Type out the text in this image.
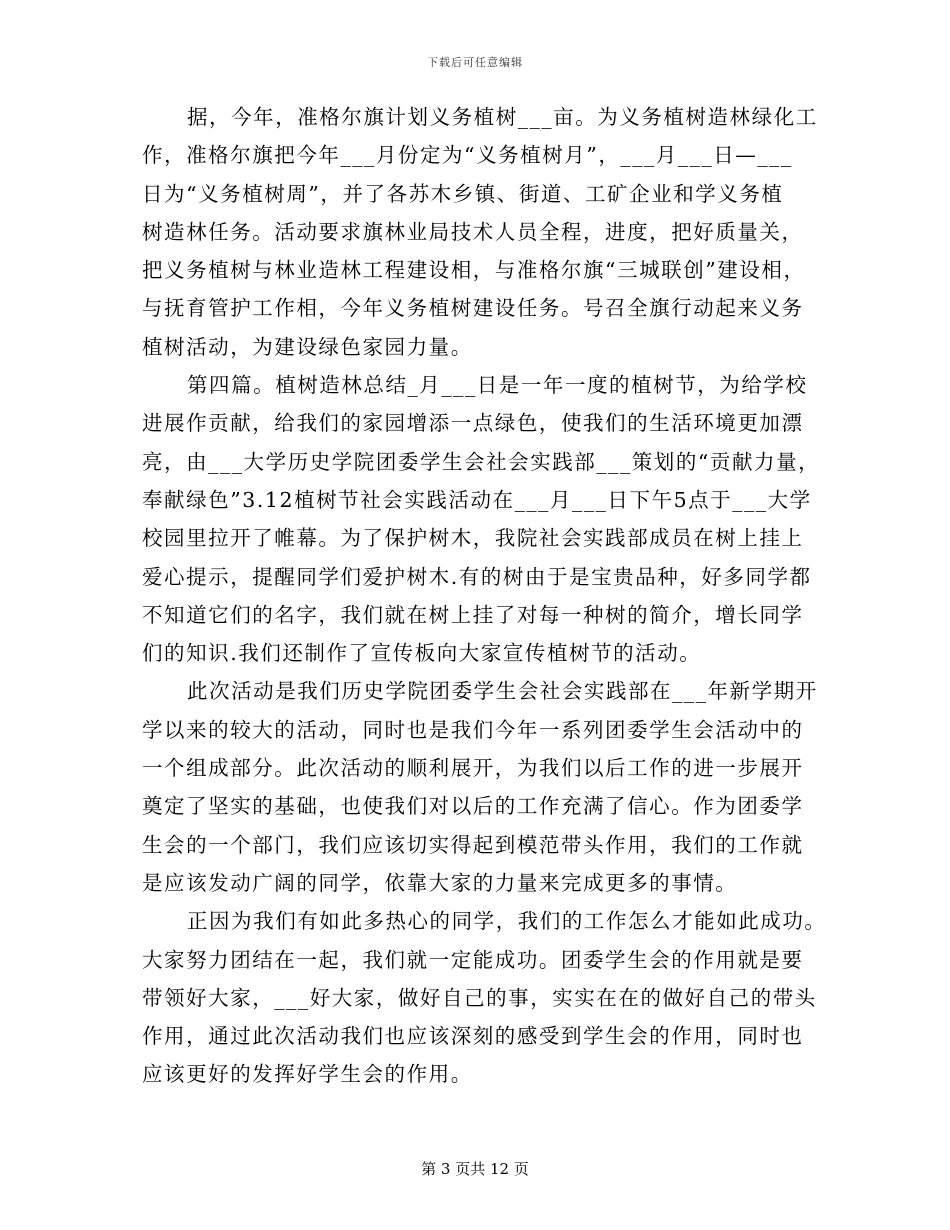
下载后可任意编辑
据，今年，准格尔旗计划义务植树___亩。为义务植树造林绿化工
作，准格尔旗把今年___月份定为“义务植树月”，___月___日—___
日为“义务植树周”，并了各苏木乡镇、街道、工矿企业和学义务植
树造林任务。活动要求旗林业局技术人员全程，进度，把好质量关，
把义务植树与林业造林工程建设相，与准格尔旗“三城联创”建设相，
与抚育管护工作相，今年义务植树建设任务。号召全旗行动起来义务
植树活动，为建设绿色家园力量。
第四篇。植树造林总结_月___日是一年一度的植树节，为给学校
进展作贡献，给我们的家园增添一点绿色，使我们的生活环境更加漂
亮，由___大学历史学院团委学生会社会实践部___策划的“贡献力量，
奉献绿色”3.12植树节社会实践活动在___月___日下午5点于___大学
校园里拉开了帷幕。为了保护树木，我院社会实践部成员在树上挂上
爱心提示，提醒同学们爱护树木.有的树由于是宝贵品种，好多同学都
不知道它们的名字，我们就在树上挂了对每一种树的简介，增长同学
们的知识.我们还制作了宣传板向大家宣传植树节的活动。
此次活动是我们历史学院团委学生会社会实践部在___年新学期开
学以来的较大的活动，同时也是我们今年一系列团委学生会活动中的
一个组成部分。此次活动的顺利展开，为我们以后工作的进一步展开
奠定了坚实的基础，也使我们对以后的工作充满了信心。作为团委学
生会的一个部门，我们应该切实得起到模范带头作用，我们的工作就
是应该发动广阔的同学，依靠大家的力量来完成更多的事情。
正因为我们有如此多热心的同学，我们的工作怎么才能如此成功。
大家努力团结在一起，我们就一定能成功。团委学生会的作用就是要
带领好大家，___好大家，做好自己的事，实实在在的做好自己的带头
作用，通过此次活动我们也应该深刻的感受到学生会的作用，同时也
应该更好的发挥好学生会的作用。
第 3 页共 12 页
